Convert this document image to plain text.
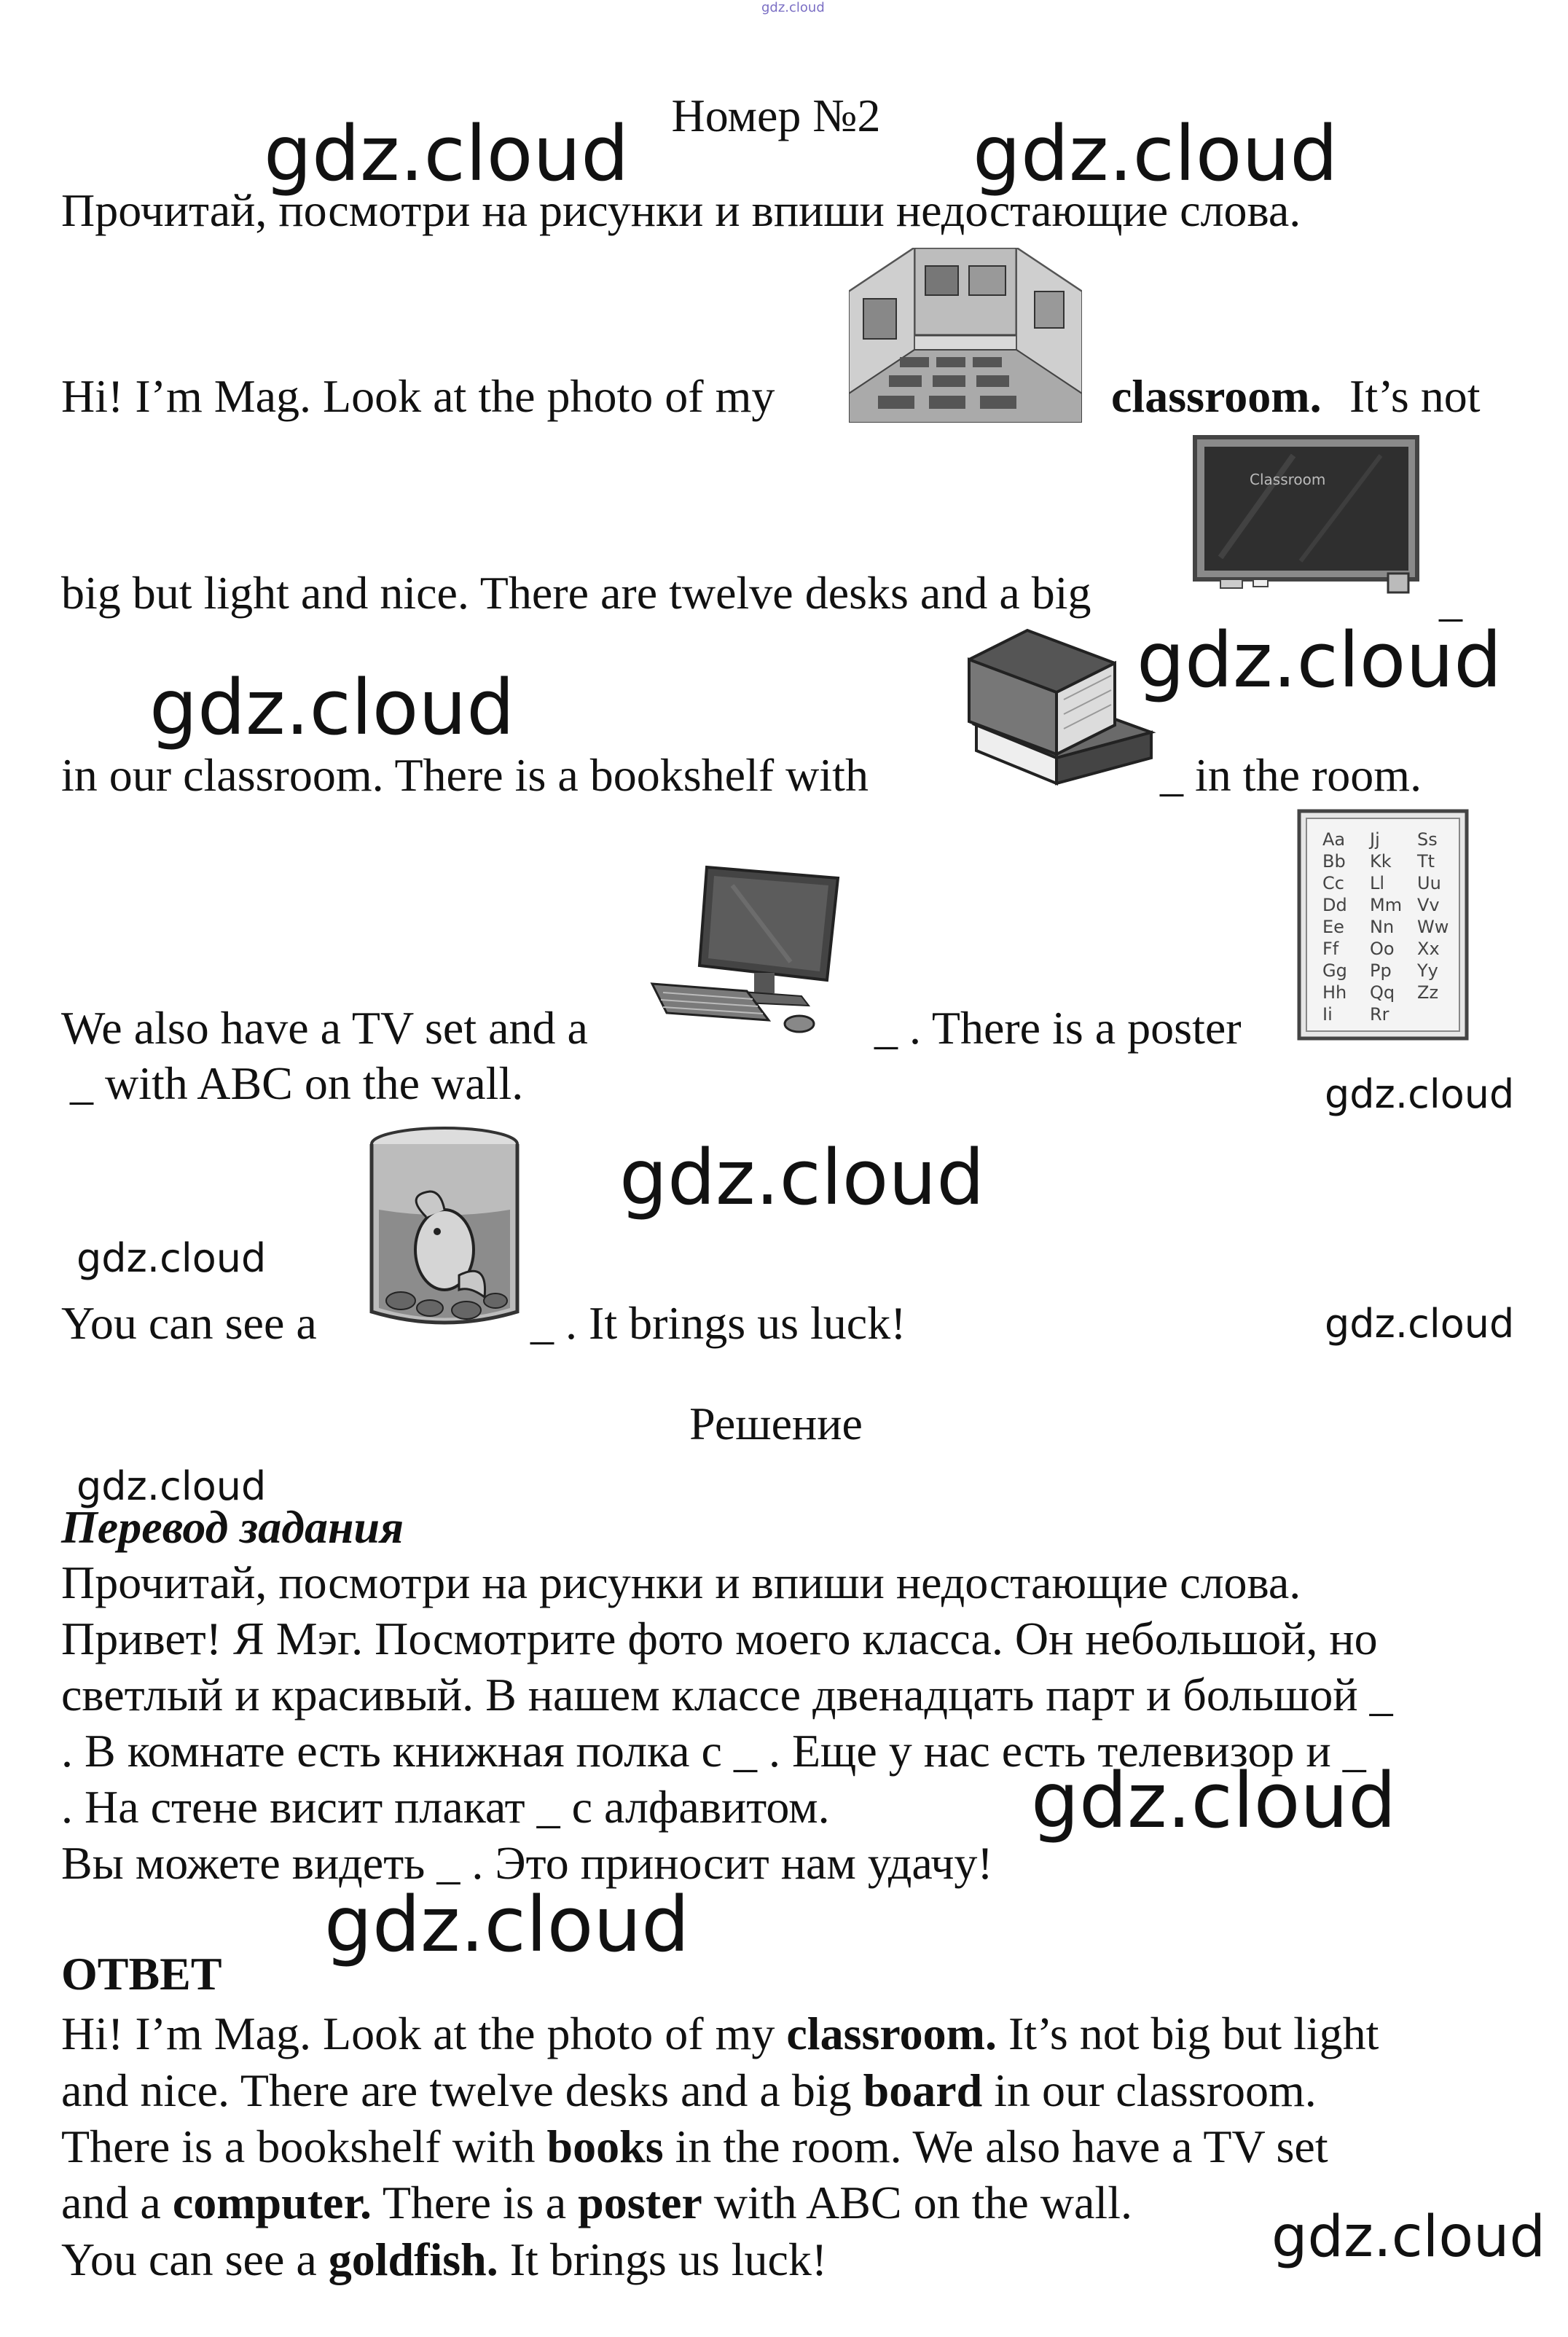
gdz.cloud
Номер №2
Прочитай, посмотри на рисунки и впиши недостающие слова.
Hi! I’m Mag. Look at the photo of my	classroom. It’s not
Classroom
big but light and nice. There are twelve desks and a big	_
in our classroom. There is a bookshelf with	_ in the room.
Aa Jj Ss
Bb Kk Tt
Cc Ll Uu
Dd Mm Vv
Ee Nn Ww
Ff Oo Xx
Gg Pp Yy
Hh Qq Zz
Ii Rr
We also have a TV set and a	_ . There is a poster
_ with ABC on the wall.
You can see a	_ . It brings us luck!
Решение
Перевод задания
Прочитай, посмотри на рисунки и впиши недостающие слова.
Привет! Я Мэг. Посмотрите фото моего класса. Он небольшой, но
светлый и красивый. В нашем классе двенадцать парт и большой _
. В комнате есть книжная полка с _ . Еще у нас есть телевизор и _
. На стене висит плакат _ с алфавитом.
Вы можете видеть _ . Это приносит нам удачу!
ОТВЕТ
Hi! I’m Mag. Look at the photo of my classroom. It’s not big but light
and nice. There are twelve desks and a big board in our classroom.
There is a bookshelf with books in the room. We also have a TV set
and a computer. There is a poster with ABC on the wall.
You can see a goldfish. It brings us luck!
gdz.cloud	gdz.cloud
gdz.cloud
gdz.cloud
gdz.cloud
gdz.cloud
gdz.cloud
gdz.cloud
gdz.cloud
gdz.cloud
gdz.cloud
gdz.cloud
